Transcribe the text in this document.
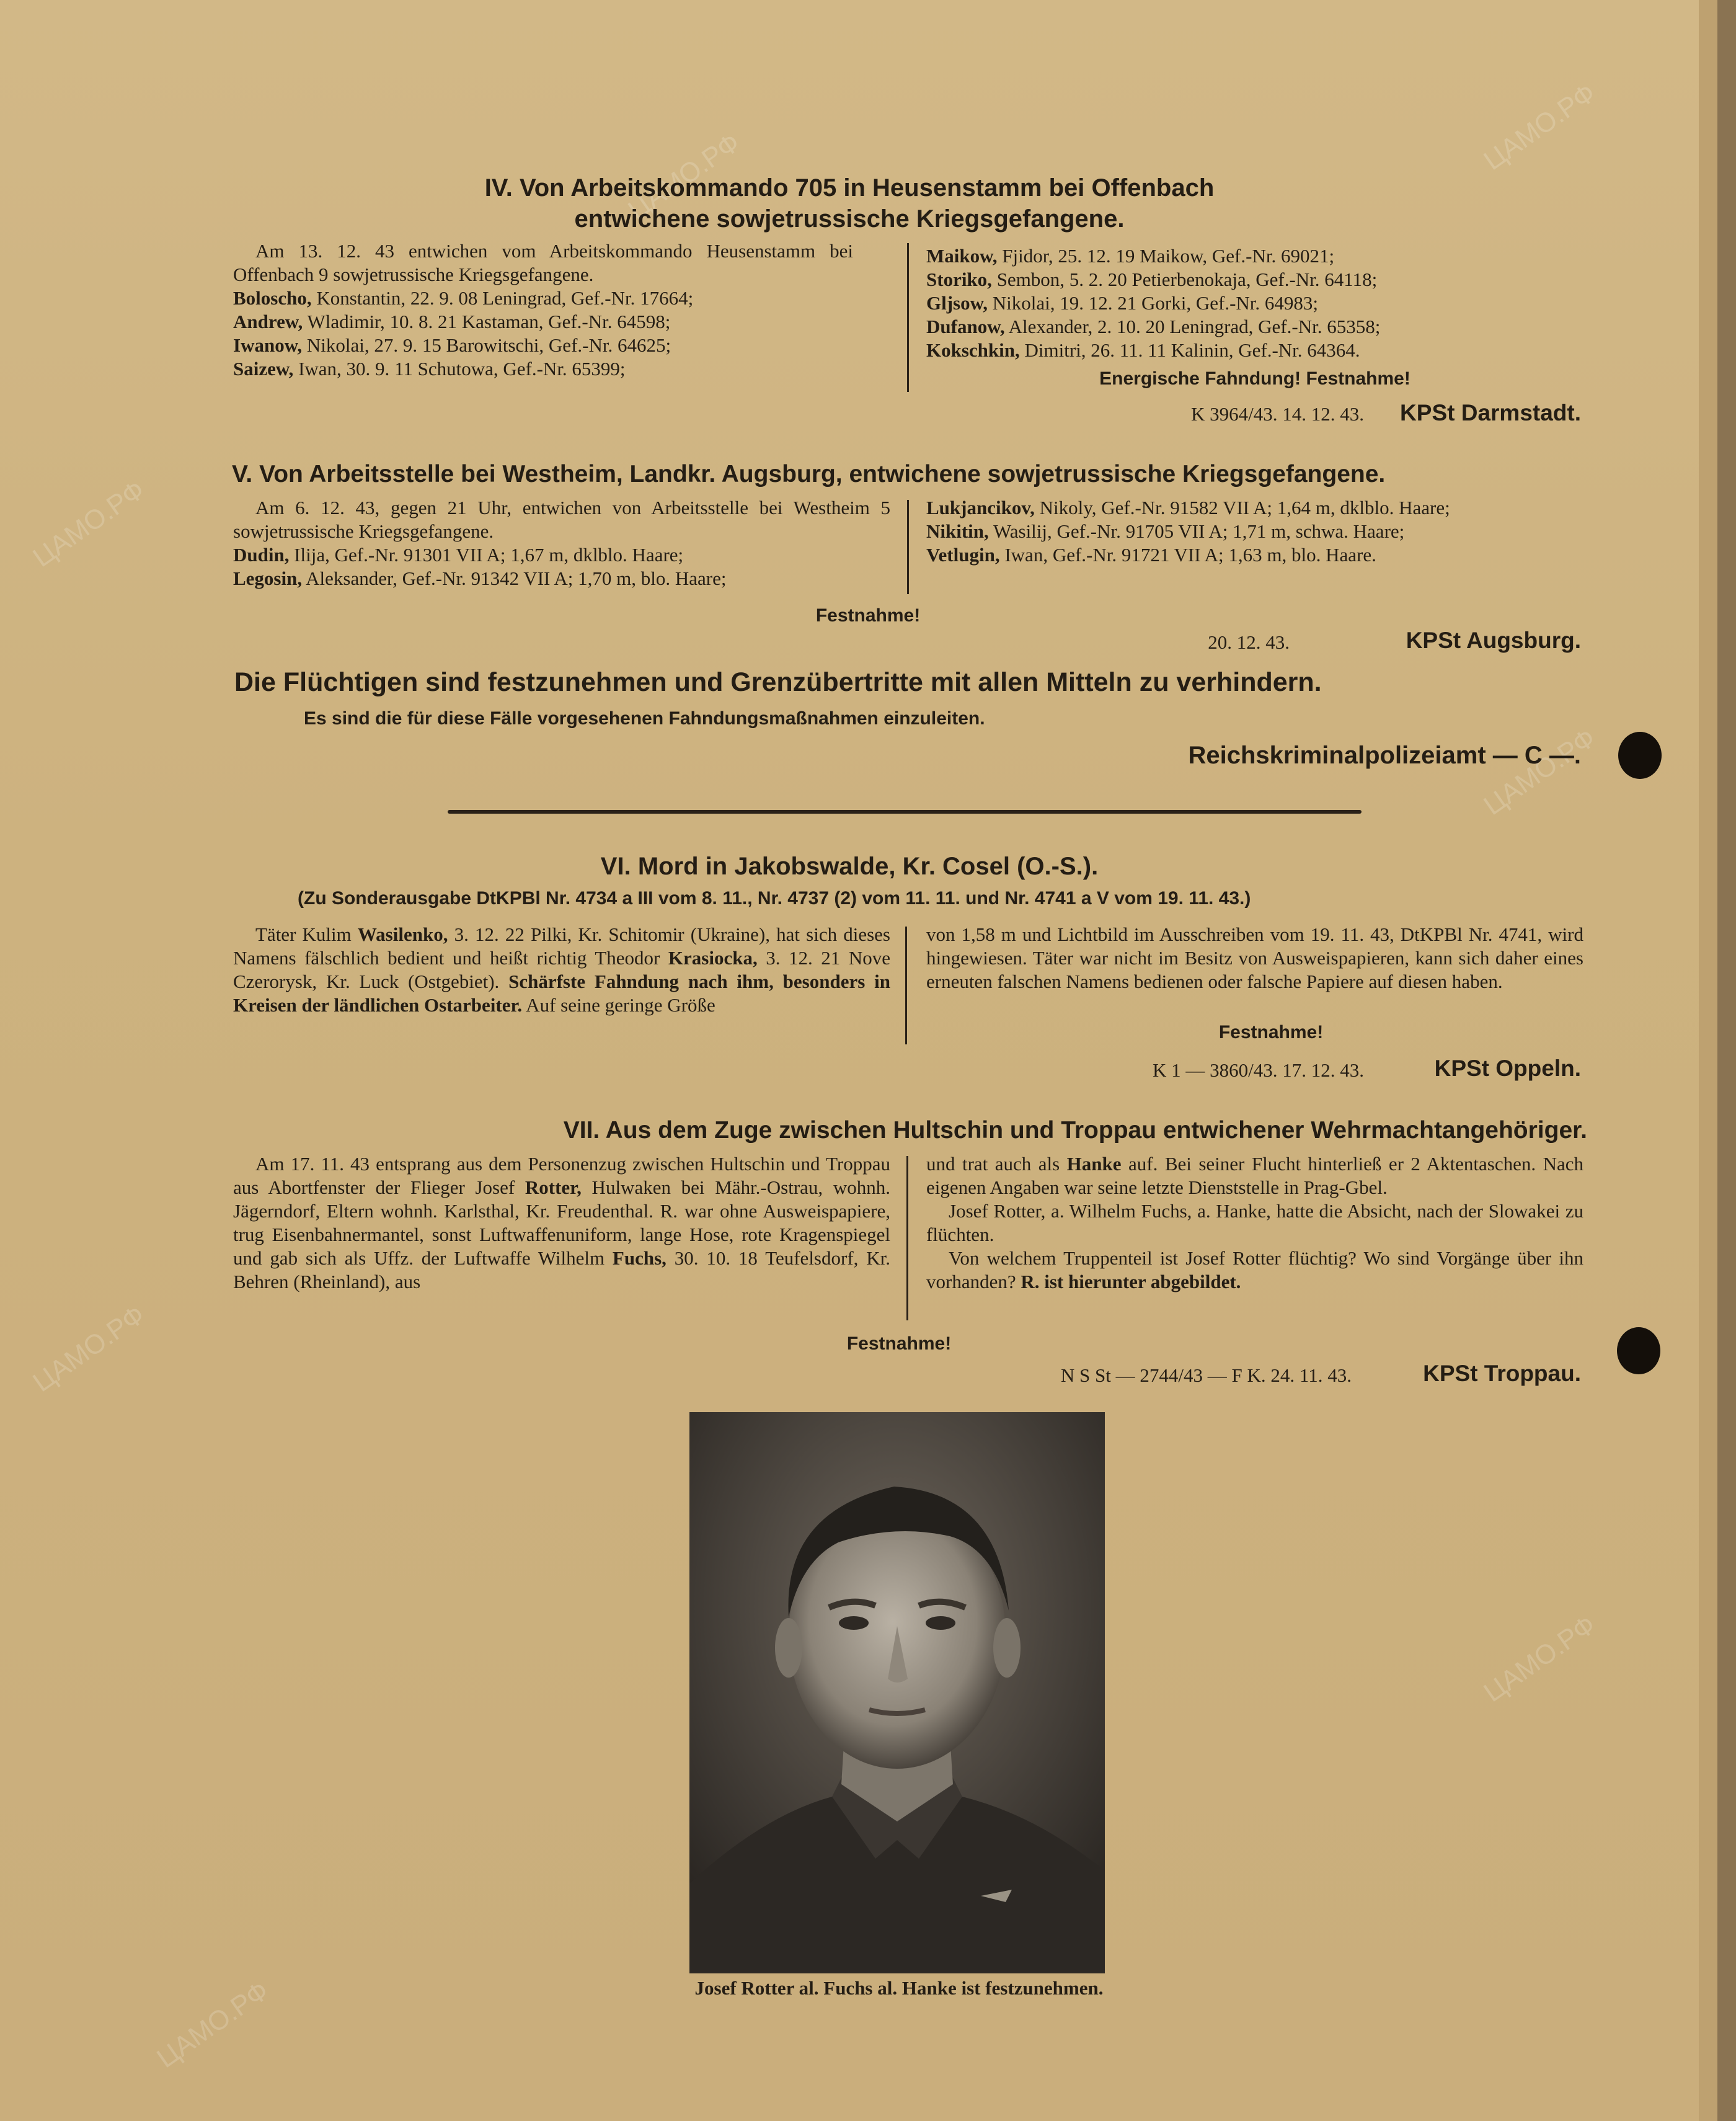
ЦАМО.РФ
ЦАМО.РФ
ЦАМО.РФ
ЦАМО.РФ
ЦАМО.РФ
ЦАМО.РФ
ЦАМО.РФ
IV. Von Arbeitskommando 705 in Heusenstamm bei Offenbach
entwichene sowjetrussische Kriegsgefangene.

Am 13. 12. 43 entwichen vom Arbeitskommando Heusenstamm bei Offenbach 9 sowjetrussische Kriegsgefangene.

Boloscho, Konstantin, 22. 9. 08 Leningrad, Gef.-Nr. 17664;

Andrew, Wladimir, 10. 8. 21 Kastaman, Gef.-Nr. 64598;

Iwanow, Nikolai, 27. 9. 15 Barowitschi, Gef.-Nr. 64625;

Saizew, Iwan, 30. 9. 11 Schutowa, Gef.-Nr. 65399;

Maikow, Fjidor, 25. 12. 19 Maikow, Gef.-Nr. 69021;

Storiko, Sembon, 5. 2. 20 Petierbenokaja, Gef.-Nr. 64118;

Gljsow, Nikolai, 19. 12. 21 Gorki, Gef.-Nr. 64983;

Dufanow, Alexander, 2. 10. 20 Leningrad, Gef.-Nr. 65358;

Kokschkin, Dimitri, 26. 11. 11 Kalinin, Gef.-Nr. 64364.

Energische Fahndung! Festnahme!
K 3964/43. 14. 12. 43.	KPSt Darmstadt.
V. Von Arbeitsstelle bei Westheim, Landkr. Augsburg, entwichene sowjetrussische Kriegsgefangene.

Am 6. 12. 43, gegen 21 Uhr, entwichen von Arbeitsstelle bei Westheim 5 sowjetrussische Kriegsgefangene.

Dudin, Ilija, Gef.-Nr. 91301 VII A; 1,67 m, dklblo. Haare;

Legosin, Aleksander, Gef.-Nr. 91342 VII A; 1,70 m, blo. Haare;

Lukjancikov, Nikoly, Gef.-Nr. 91582 VII A; 1,64 m, dklblo. Haare;

Nikitin, Wasilij, Gef.-Nr. 91705 VII A; 1,71 m, schwa. Haare;

Vetlugin, Iwan, Gef.-Nr. 91721 VII A; 1,63 m, blo. Haare.

Festnahme!
20. 12. 43.	KPSt Augsburg.
Die Flüchtigen sind festzunehmen und Grenzübertritte mit allen Mitteln zu verhindern.
Es sind die für diese Fälle vorgesehenen Fahndungsmaßnahmen einzuleiten.
Reichskriminalpolizeiamt — C —.
VI. Mord in Jakobswalde, Kr. Cosel (O.-S.).
(Zu Sonderausgabe DtKPBl Nr. 4734 a III vom 8. 11., Nr. 4737 (2) vom 11. 11. und Nr. 4741 a V vom 19. 11. 43.)
Täter Kulim Wasilenko, 3. 12. 22 Pilki, Kr. Schitomir (Ukraine), hat sich dieses Namens fälschlich bedient und heißt richtig Theodor Krasiocka, 3. 12. 21 Nove Czerorysk, Kr. Luck (Ostgebiet). Schärfste Fahndung nach ihm, besonders in Kreisen der ländlichen Ostarbeiter. Auf seine geringe Größe
von 1,58 m und Lichtbild im Ausschreiben vom 19. 11. 43, DtKPBl Nr. 4741, wird hingewiesen. Täter war nicht im Besitz von Ausweispapieren, kann sich daher eines erneuten falschen Namens bedienen oder falsche Papiere auf diesen haben.
Festnahme!
K 1 — 3860/43. 17. 12. 43.	KPSt Oppeln.
VII. Aus dem Zuge zwischen Hultschin und Troppau entwichener Wehrmachtangehöriger.
Am 17. 11. 43 entsprang aus dem Personenzug zwischen Hultschin und Troppau aus Abortfenster der Flieger Josef Rotter, Hulwaken bei Mähr.-Ostrau, wohnh. Jägerndorf, Eltern wohnh. Karlsthal, Kr. Freudenthal. R. war ohne Ausweispapiere, trug Eisenbahnermantel, sonst Luftwaffenuniform, lange Hose, rote Kragenspiegel und gab sich als Uffz. der Luftwaffe Wilhelm Fuchs, 30. 10. 18 Teufelsdorf, Kr. Behren (Rheinland), aus

und trat auch als Hanke auf. Bei seiner Flucht hinterließ er 2 Aktentaschen. Nach eigenen Angaben war seine letzte Dienststelle in Prag-Gbel.

Josef Rotter, a. Wilhelm Fuchs, a. Hanke, hatte die Absicht, nach der Slowakei zu flüchten.

Von welchem Truppenteil ist Josef Rotter flüchtig? Wo sind Vorgänge über ihn vorhanden? R. ist hierunter abgebildet.

Festnahme!
N S St — 2744/43 — F K. 24. 11. 43.	KPSt Troppau.
Josef Rotter al. Fuchs al. Hanke ist festzunehmen.
